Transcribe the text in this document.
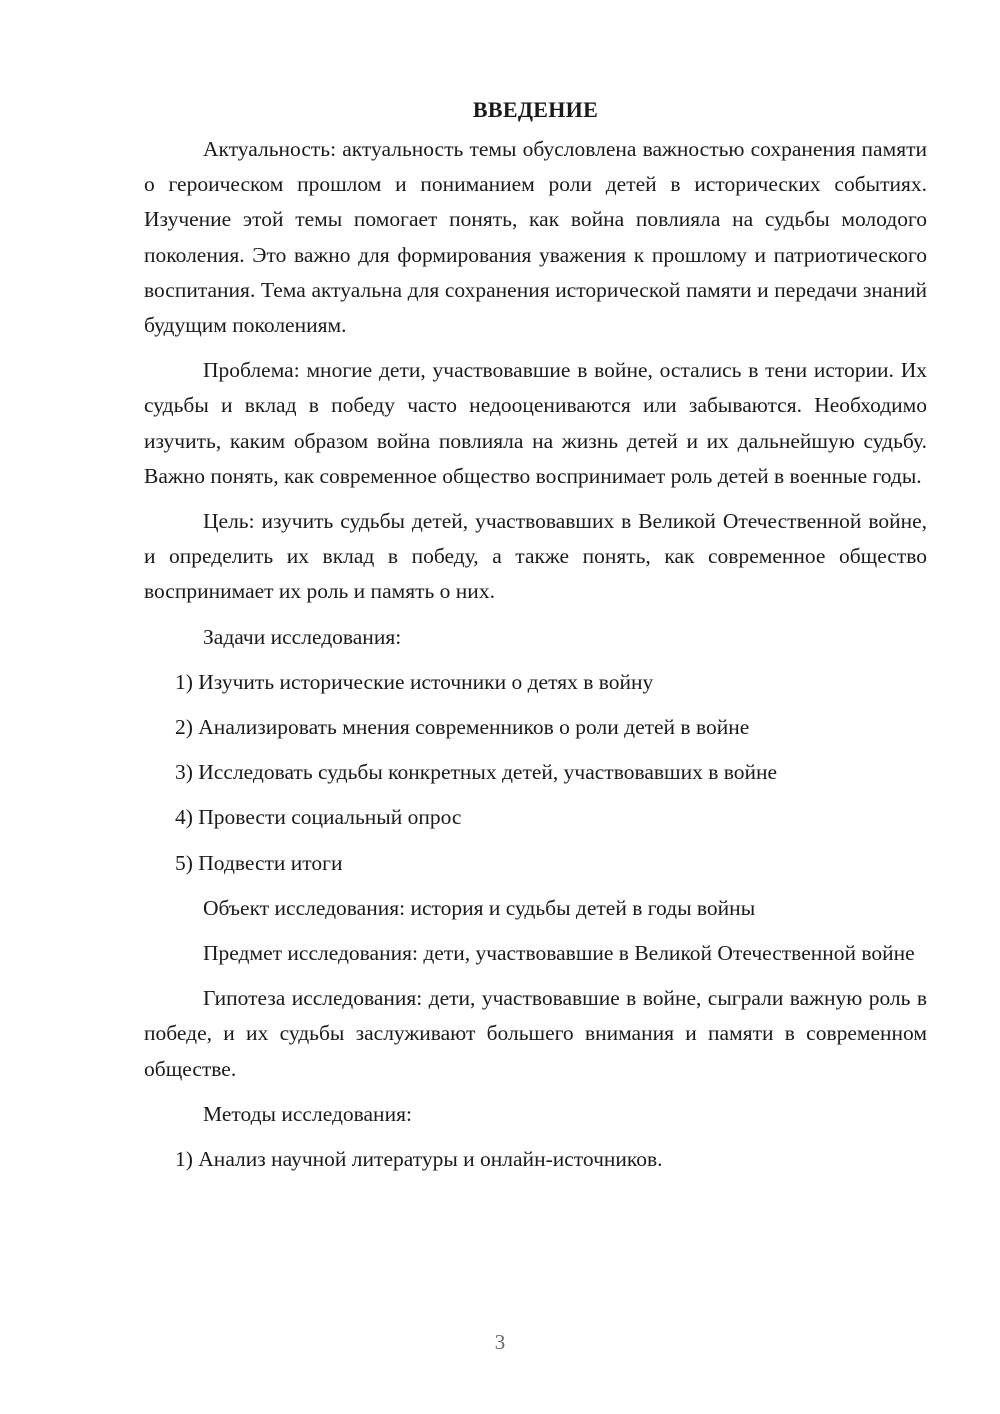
ВВЕДЕНИЕ

Актуальность: актуальность темы обусловлена важностью сохранения памяти о героическом прошлом и пониманием роли детей в исторических событиях. Изучение этой темы помогает понять, как война повлияла на судьбы молодого поколения. Это важно для формирования уважения к прошлому и патриотического воспитания. Тема актуальна для сохранения исторической памяти и передачи знаний будущим поколениям.

Проблема: многие дети, участвовавшие в войне, остались в тени истории. Их судьбы и вклад в победу часто недооцениваются или забываются. Необходимо изучить, каким образом война повлияла на жизнь детей и их дальнейшую судьбу. Важно понять, как современное общество воспринимает роль детей в военные годы.

Цель: изучить судьбы детей, участвовавших в Великой Отечественной войне, и определить их вклад в победу, а также понять, как современное общество воспринимает их роль и память о них.

Задачи исследования:
1) Изучить исторические источники о детях в войну
2) Анализировать мнения современников о роли детей в войне
3) Исследовать судьбы конкретных детей, участвовавших в войне
4) Провести социальный опрос
5) Подвести итоги
Объект исследования: история и судьбы детей в годы войны

Предмет исследования: дети, участвовавшие в Великой Отечественной войне

Гипотеза исследования: дети, участвовавшие в войне, сыграли важную роль в победе, и их судьбы заслуживают большего внимания и памяти в современном обществе.

Методы исследования:
1) Анализ научной литературы и онлайн-источников.
3
